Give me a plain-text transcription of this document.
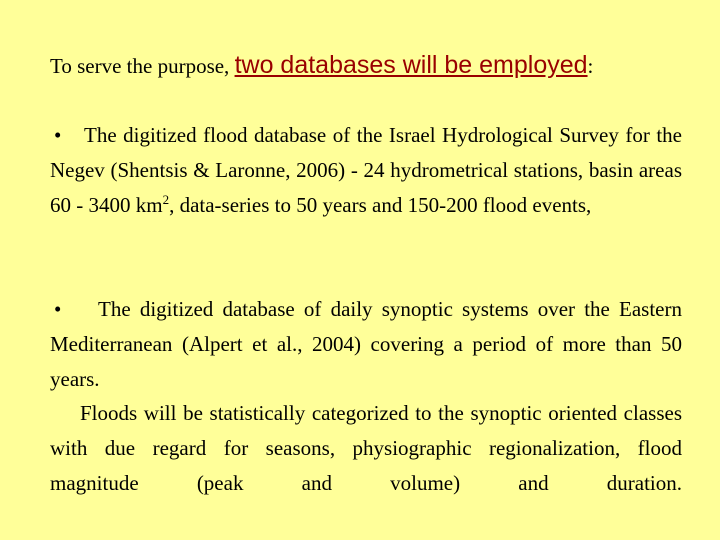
To serve the purpose, two databases will be employed:
• The digitized flood database of the Israel Hydrological Survey for the Negev (Shentsis & Laronne, 2006) - 24 hydrometrical stations, basin areas 60 - 3400 $km^2$, data-series to 50 years and 150-200 flood events,
• The digitized database of daily synoptic systems over the Eastern Mediterranean (Alpert et al., 2004) covering a period of more than 50 years.
Floods will be statistically categorized to the synoptic oriented classes with due regard for seasons, physiographic regionalization, flood magnitude (peak and volume) and duration.
